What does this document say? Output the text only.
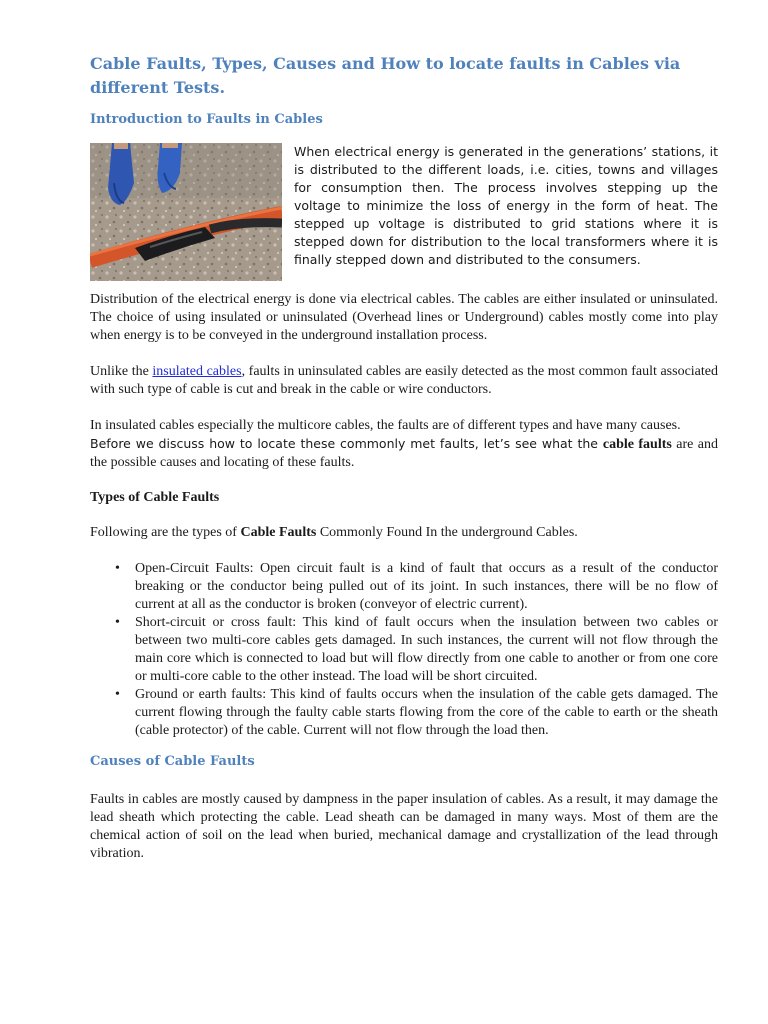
Cable Faults, Types, Causes and How to locate faults in Cables via different Tests.
Introduction to Faults in Cables

When electrical energy is generated in the generations’ stations, it is distributed to the different loads, i.e. cities, towns and villages for consumption then. The process involves stepping up the voltage to minimize the loss of energy in the form of heat. The stepped up voltage is distributed to grid stations where it is stepped down for distribution to the local transformers where it is finally stepped down and distributed to the consumers.

Distribution of the electrical energy is done via electrical cables. The cables are either insulated or uninsulated. The choice of using insulated or uninsulated (Overhead lines or Underground) cables mostly come into play when energy is to be conveyed in the underground installation process.

Unlike the insulated cables, faults in uninsulated cables are easily detected as the most common fault associated with such type of cable is cut and break in the cable or wire conductors.

In insulated cables especially the multicore cables, the faults are of different types and have many causes.

Before we discuss how to locate these commonly met faults, let’s see what the cable faults are and the possible causes and locating of these faults.

Types of Cable Faults

Following are the types of Cable Faults Commonly Found In the underground Cables.

• Open-Circuit Faults: Open circuit fault is a kind of fault that occurs as a result of the conductor breaking or the conductor being pulled out of its joint. In such instances, there will be no flow of current at all as the conductor is broken (conveyor of electric current).
• Short-circuit or cross fault: This kind of fault occurs when the insulation between two cables or between two multi-core cables gets damaged. In such instances, the current will not flow through the main core which is connected to load but will flow directly from one cable to another or from one core or multi-core cable to the other instead. The load will be short circuited.
• Ground or earth faults: This kind of faults occurs when the insulation of the cable gets damaged. The current flowing through the faulty cable starts flowing from the core of the cable to earth or the sheath (cable protector) of the cable. Current will not flow through the load then.
Causes of Cable Faults

Faults in cables are mostly caused by dampness in the paper insulation of cables. As a result, it may damage the lead sheath which protecting the cable. Lead sheath can be damaged in many ways. Most of them are the chemical action of soil on the lead when buried, mechanical damage and crystallization of the lead through vibration.
